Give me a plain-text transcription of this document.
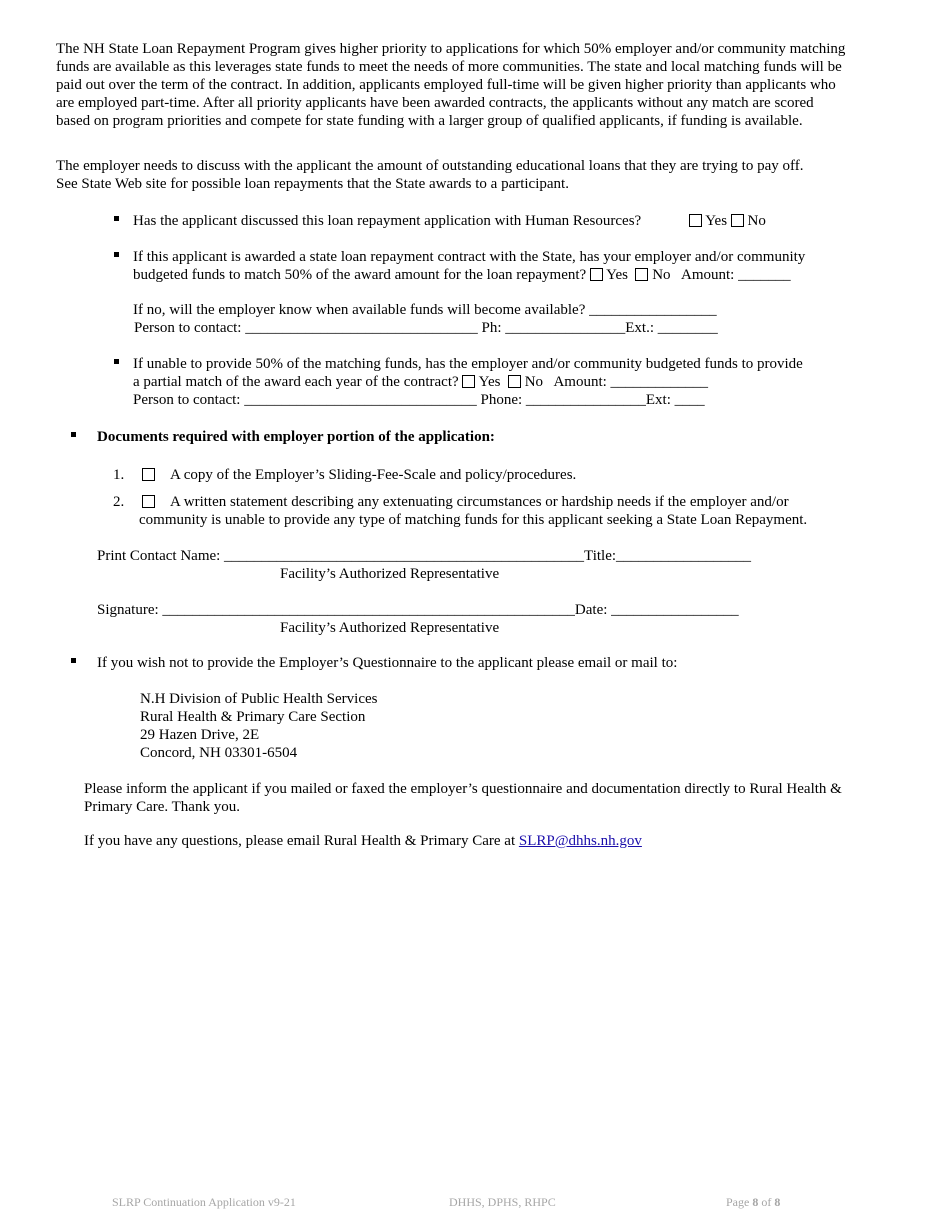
The NH State Loan Repayment Program gives higher priority to applications for which 50% employer and/or community matching funds are available as this leverages state funds to meet the needs of more communities. The state and local matching funds will be paid out over the term of the contract. In addition, applicants employed full-time will be given higher priority than applicants who are employed part-time. After all priority applicants have been awarded contracts, the applicants without any match are scored based on program priorities and compete for state funding with a larger group of qualified applicants, if funding is available.
The employer needs to discuss with the applicant the amount of outstanding educational loans that they are trying to pay off.
See State Web site for possible loan repayments that the State awards to a participant.
Has the applicant discussed this loan repayment application with Human Resources?	Yes No
If this applicant is awarded a state loan repayment contract with the State, has your employer and/or community
budgeted funds to match 50% of the award amount for the loan repayment? Yes No Amount: _______
If no, will the employer know when available funds will become available? _________________
Person to contact: _______________________________ Ph: ________________Ext.: ________
If unable to provide 50% of the matching funds, has the employer and/or community budgeted funds to provide
a partial match of the award each year of the contract? Yes No Amount: _____________
Person to contact: _______________________________ Phone: ________________Ext: ____
Documents required with employer portion of the application:
1.	A copy of the Employer’s Sliding-Fee-Scale and policy/procedures.
2.	A written statement describing any extenuating circumstances or hardship needs if the employer and/or
community is unable to provide any type of matching funds for this applicant seeking a State Loan Repayment.
Print Contact Name: ________________________________________________Title:__________________
Facility’s Authorized Representative
Signature: _______________________________________________________Date: _________________
Facility’s Authorized Representative
If you wish not to provide the Employer’s Questionnaire to the applicant please email or mail to:
N.H Division of Public Health Services
Rural Health & Primary Care Section
29 Hazen Drive, 2E
Concord, NH 03301-6504
Please inform the applicant if you mailed or faxed the employer’s questionnaire and documentation directly to Rural Health & Primary Care. Thank you.
If you have any questions, please email Rural Health & Primary Care at SLRP@dhhs.nh.gov
SLRP Continuation Application v9-21	DHHS, DPHS, RHPC	Page 8 of 8
